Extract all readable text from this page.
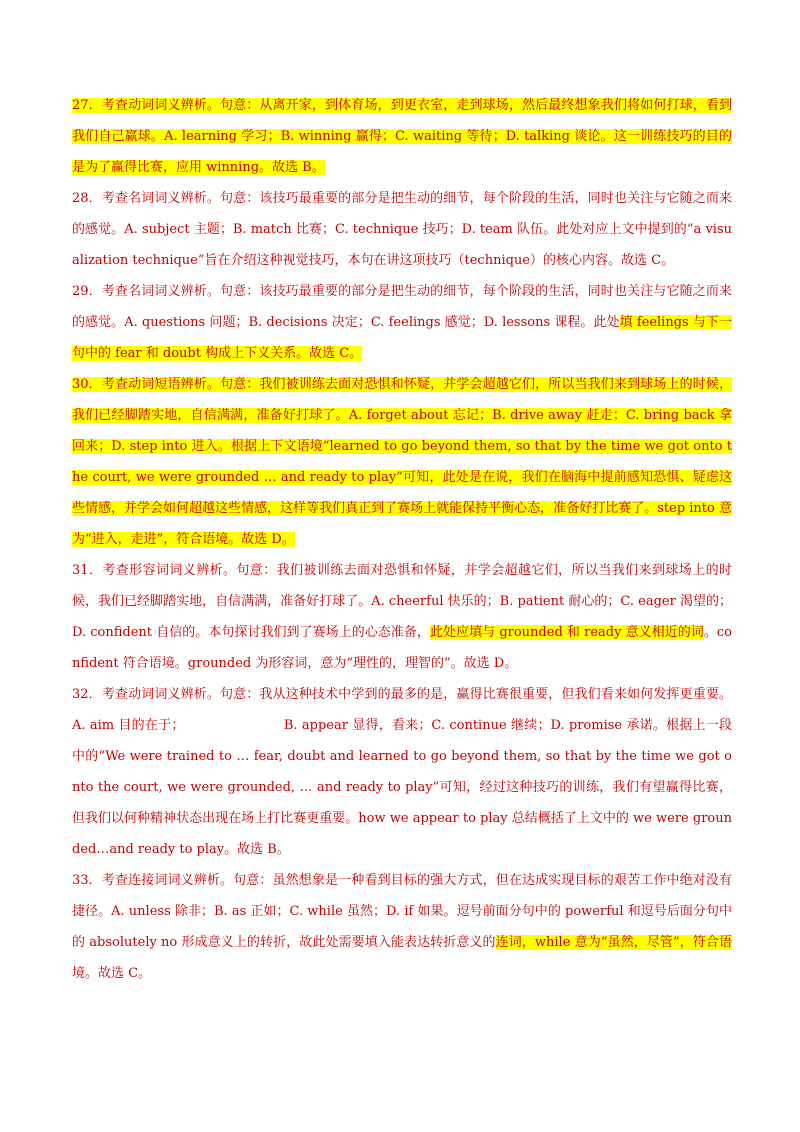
27．考查动词词义辨析。句意：从离开家，到体育场，到更衣室，走到球场，然后最终想象我们将如何打球，看到我们自己赢球。A. learning 学习；B. winning 赢得；C. waiting 等待；D. talking 谈论。这一训练技巧的目的是为了赢得比赛，应用 winning。故选 B。

28．考查名词词义辨析。句意：该技巧最重要的部分是把生动的细节，每个阶段的生活，同时也关注与它随之而来的感觉。A. subject 主题；B. match 比赛；C. technique 技巧；D. team 队伍。此处对应上文中提到的“a visualization technique”旨在介绍这种视觉技巧，本句在讲这项技巧（technique）的核心内容。故选 C。

29．考查名词词义辨析。句意：该技巧最重要的部分是把生动的细节，每个阶段的生活，同时也关注与它随之而来的感觉。A. questions 问题；B. decisions 决定；C. feelings 感觉；D. lessons 课程。此处填 feelings 与下一句中的 fear 和 doubt 构成上下义关系。故选 C。

30．考查动词短语辨析。句意：我们被训练去面对恐惧和怀疑，并学会超越它们，所以当我们来到球场上的时候，我们已经脚踏实地，自信满满，准备好打球了。A. forget about 忘记；B. drive away 赶走；C. bring back 拿回来；D. step into 进入。根据上下文语境“learned to go beyond them, so that by the time we got onto the court, we were grounded … and ready to play”可知，此处是在说，我们在脑海中提前感知恐惧、疑虑这些情感，并学会如何超越这些情感，这样等我们真正到了赛场上就能保持平衡心态，准备好打比赛了。step into 意为“进入，走进”，符合语境。故选 D。

31．考查形容词词义辨析。句意：我们被训练去面对恐惧和怀疑，并学会超越它们，所以当我们来到球场上的时候，我们已经脚踏实地，自信满满，准备好打球了。A. cheerful 快乐的；B. patient 耐心的；C. eager 渴望的；D. confident 自信的。本句探讨我们到了赛场上的心态准备，此处应填与 grounded 和 ready 意义相近的词。confident 符合语境。grounded 为形容词，意为“理性的，理智的”。故选 D。

32．考查动词词义辨析。句意：我从这种技术中学到的最多的是，赢得比赛很重要，但我们看来如何发挥更重要。A. aim 目的在于；　　　　　　　　B. appear 显得，看来；C. continue 继续；D. promise 承诺。根据上一段中的“We were trained to … fear, doubt and learned to go beyond them, so that by the time we got onto the court, we were grounded, … and ready to play”可知，经过这种技巧的训练，我们有望赢得比赛，但我们以何种精神状态出现在场上打比赛更重要。how we appear to play 总结概括了上文中的 we were grounded…and ready to play。故选 B。

33．考查连接词词义辨析。句意：虽然想象是一种看到目标的强大方式，但在达成实现目标的艰苦工作中绝对没有捷径。A. unless 除非；B. as 正如；C. while 虽然；D. if 如果。逗号前面分句中的 powerful 和逗号后面分句中的 absolutely no 形成意义上的转折，故此处需要填入能表达转折意义的连词，while 意为“虽然，尽管”，符合语境。故选 C。
